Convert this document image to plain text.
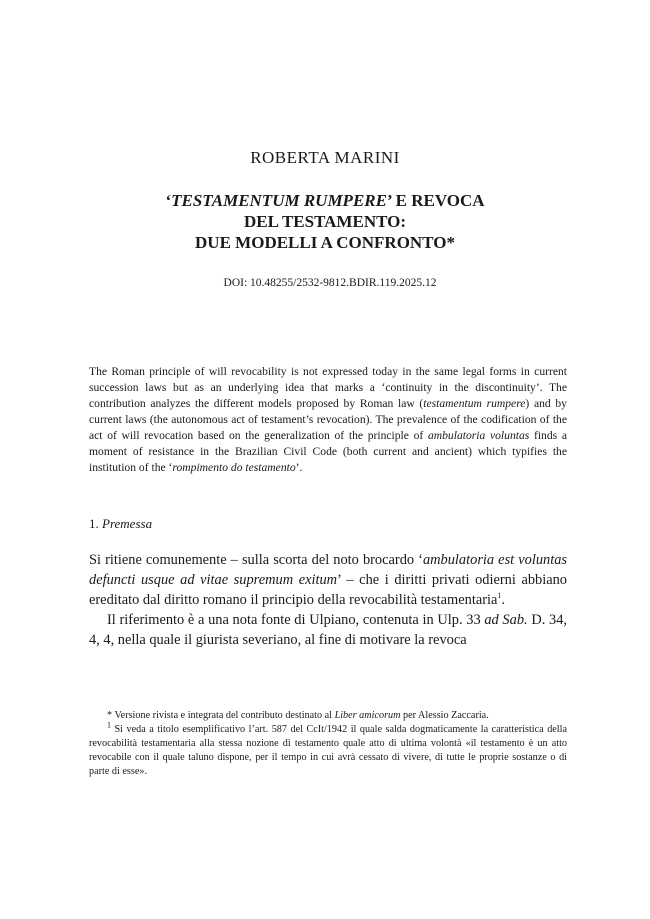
ROBERTA MARINI
‘TESTAMENTUM RUMPERE’ E REVOCA
DEL TESTAMENTO:
DUE MODELLI A CONFRONTO*
DOI: 10.48255/2532-9812.BDIR.119.2025.12
The Roman principle of will revocability is not expressed today in the same legal forms in current succession laws but as an underlying idea that marks a ‘continuity in the discontinuity’. The contribution analyzes the different models proposed by Roman law (testamentum rumpere) and by current laws (the autonomous act of testament’s revocation). The prevalence of the codification of the act of will revocation based on the generalization of the principle of ambulatoria voluntas finds a moment of resistance in the Brazilian Civil Code (both current and ancient) which typifies the institution of the ‘rompimento do testamento’.
1. Premessa

Si ritiene comunemente – sulla scorta del noto brocardo ‘ambulatoria est voluntas defuncti usque ad vitae supremum exitum’ – che i diritti privati odierni abbiano ereditato dal diritto romano il principio della revocabilità testamentaria$^1$.

Il riferimento è a una nota fonte di Ulpiano, contenuta in Ulp. 33 ad Sab. D. 34, 4, 4, nella quale il giurista severiano, al fine di motivare la revoca

* Versione rivista e integrata del contributo destinato al Liber amicorum per Alessio Zaccaria.

$^1$ Si veda a titolo esemplificativo l’art. 587 del CcIt/1942 il quale salda dogmaticamente la caratteristica della revocabilità testamentaria alla stessa nozione di testamento quale atto di ultima volontà «il testamento è un atto revocabile con il quale taluno dispone, per il tempo in cui avrà cessato di vivere, di tutte le proprie sostanze o di parte di esse».
